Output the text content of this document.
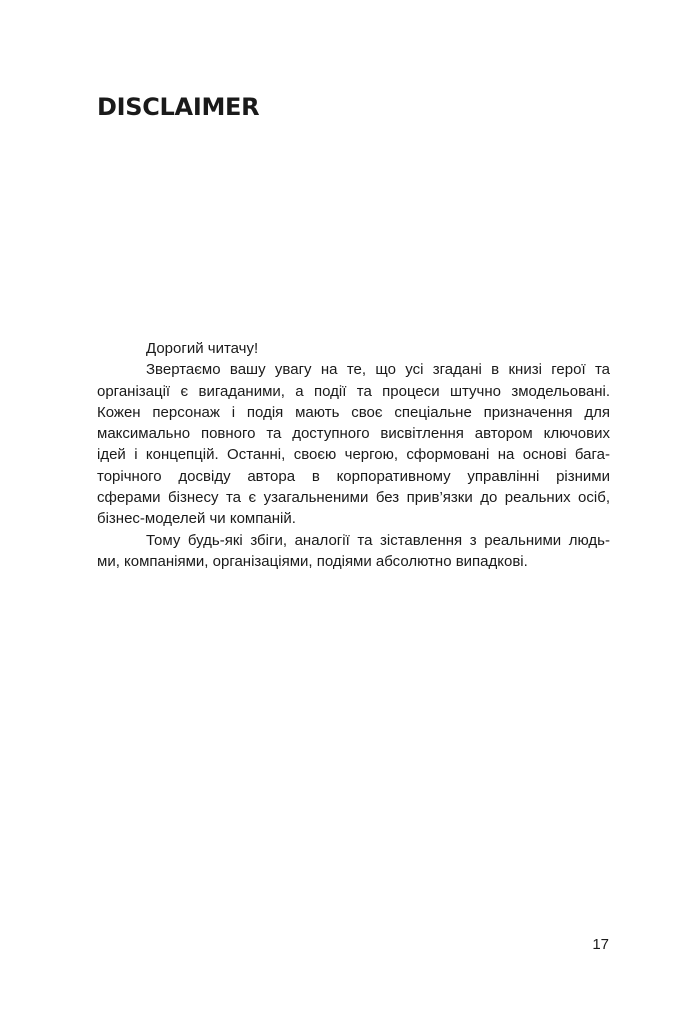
DISCLAIMER
Дорогий читачу!
Звертаємо вашу увагу на те, що усі згадані в книзі герої та
організації є вигаданими, а події та процеси штучно змодельовані.
Кожен персонаж і подія мають своє спеціальне призначення для
максимально повного та доступного висвітлення автором ключових
ідей і концепцій. Останні, своєю чергою, сформовані на основі бага-
торічного досвіду автора в корпоративному управлінні різними
сферами бізнесу та є узагальненими без прив’язки до реальних осіб,
бізнес-моделей чи компаній.
Тому будь-які збіги, аналогії та зіставлення з реальними людь-
ми, компаніями, організаціями, подіями абсолютно випадкові.
17
